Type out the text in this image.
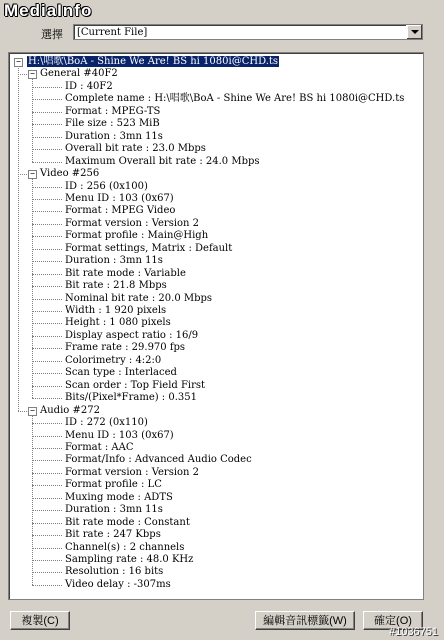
MediaInfo
選擇	[Current File]
− H:\唱歌\BoA - Shine We Are! BS hi 1080i@CHD.ts
− General #40F2
ID : 40F2
Complete name : H:\唱歌\BoA - Shine We Are! BS hi 1080i@CHD.ts
Format : MPEG-TS
File size : 523 MiB
Duration : 3mn 11s
Overall bit rate : 23.0 Mbps
Maximum Overall bit rate : 24.0 Mbps
− Video #256
ID : 256 (0x100)
Menu ID : 103 (0x67)
Format : MPEG Video
Format version : Version 2
Format profile : Main@High
Format settings, Matrix : Default
Duration : 3mn 11s
Bit rate mode : Variable
Bit rate : 21.8 Mbps
Nominal bit rate : 20.0 Mbps
Width : 1 920 pixels
Height : 1 080 pixels
Display aspect ratio : 16/9
Frame rate : 29.970 fps
Colorimetry : 4:2:0
Scan type : Interlaced
Scan order : Top Field First
Bits/(Pixel*Frame) : 0.351
− Audio #272
ID : 272 (0x110)
Menu ID : 103 (0x67)
Format : AAC
Format/Info : Advanced Audio Codec
Format version : Version 2
Format profile : LC
Muxing mode : ADTS
Duration : 3mn 11s
Bit rate mode : Constant
Bit rate : 247 Kbps
Channel(s) : 2 channels
Sampling rate : 48.0 KHz
Resolution : 16 bits
Video delay : -307ms
複製(C)	編輯音訊標籤(W)	確定(O)
#1036751
